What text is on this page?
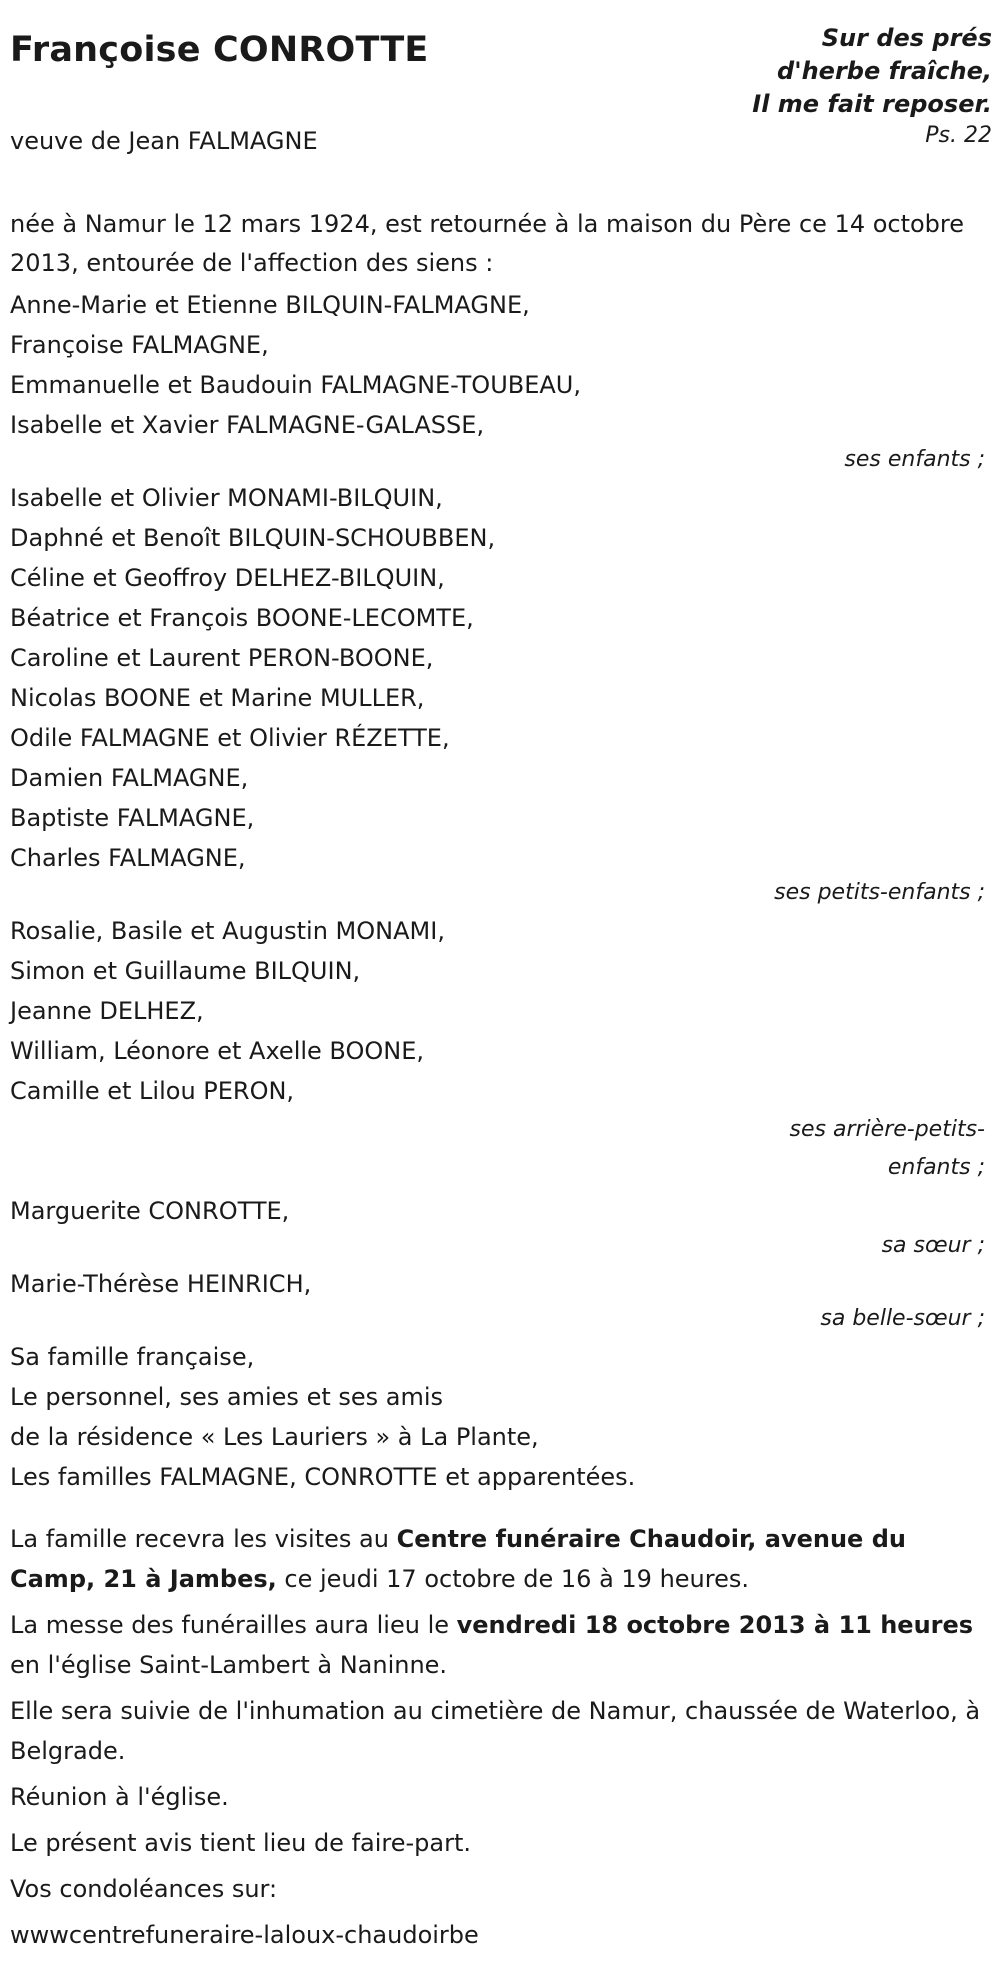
Françoise CONROTTE	Sur des prés
d'herbe fraîche,
Il me fait reposer.
Ps. 22
veuve de Jean FALMAGNE

née à Namur le 12 mars 1924, est retournée à la maison du Père ce 14 octobre 2013, entourée de l'affection des siens :

Anne-Marie et Etienne BILQUIN-FALMAGNE,
Françoise FALMAGNE,
Emmanuelle et Baudouin FALMAGNE-TOUBEAU,
Isabelle et Xavier FALMAGNE-GALASSE,
ses enfants ;
Isabelle et Olivier MONAMI-BILQUIN,
Daphné et Benoît BILQUIN-SCHOUBBEN,
Céline et Geoffroy DELHEZ-BILQUIN,
Béatrice et François BOONE-LECOMTE,
Caroline et Laurent PERON-BOONE,
Nicolas BOONE et Marine MULLER,
Odile FALMAGNE et Olivier RÉZETTE,
Damien FALMAGNE,
Baptiste FALMAGNE,
Charles FALMAGNE,
ses petits-enfants ;
Rosalie, Basile et Augustin MONAMI,
Simon et Guillaume BILQUIN,
Jeanne DELHEZ,
William, Léonore et Axelle BOONE,
Camille et Lilou PERON,
ses arrière-petits-
enfants ;
Marguerite CONROTTE,
sa sœur ;
Marie-Thérèse HEINRICH,
sa belle-sœur ;
Sa famille française,
Le personnel, ses amies et ses amis
de la résidence « Les Lauriers » à La Plante,
Les familles FALMAGNE, CONROTTE et apparentées.

La famille recevra les visites au Centre funéraire Chaudoir, avenue du Camp, 21 à Jambes, ce jeudi 17 octobre de 16 à 19 heures.

La messe des funérailles aura lieu le vendredi 18 octobre 2013 à 11 heures en l'église Saint-Lambert à Naninne.

Elle sera suivie de l'inhumation au cimetière de Namur, chaussée de Waterloo, à Belgrade.

Réunion à l'église.

Le présent avis tient lieu de faire-part.

Vos condoléances sur:

wwwcentrefuneraire-laloux-chaudoirbe
